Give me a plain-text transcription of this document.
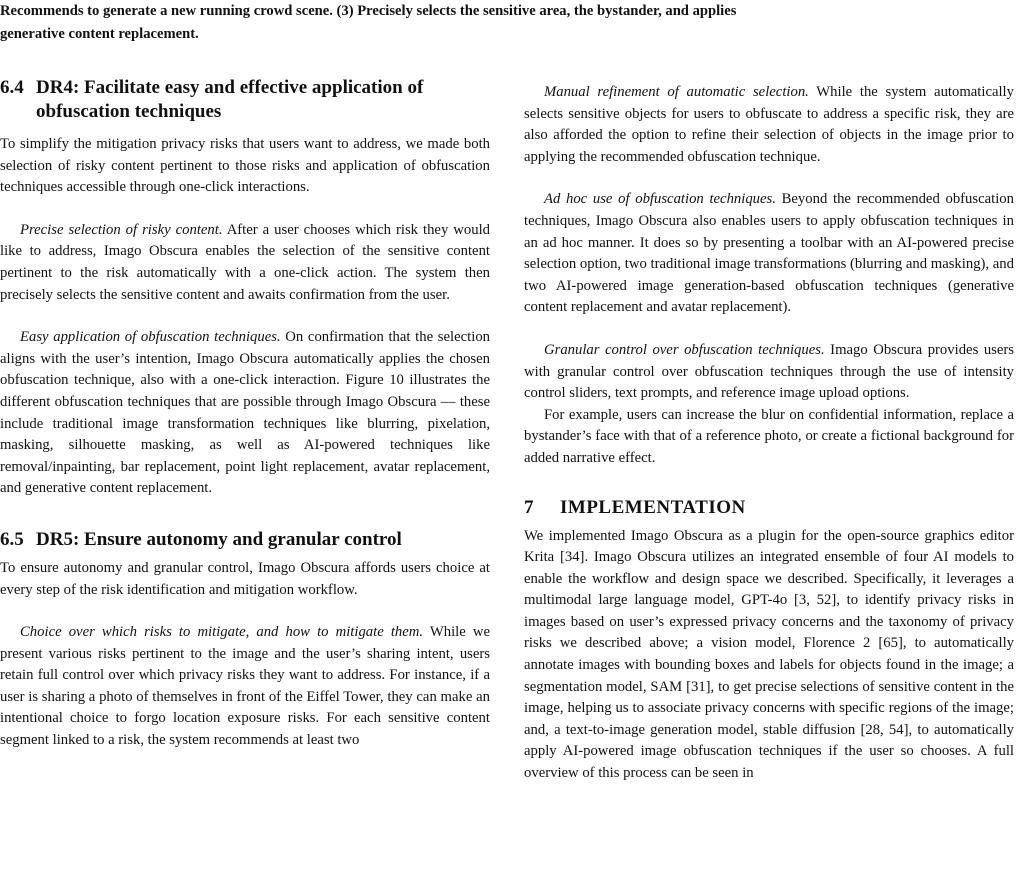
Recommends to generate a new running crowd scene. (3) Precisely selects the sensitive area, the bystander, and applies
generative content replacement.
6.4 DR4: Facilitate easy and effective application of obfuscation techniques

To simplify the mitigation privacy risks that users want to address, we made both selection of risky content pertinent to those risks and application of obfuscation techniques accessible through one-click interactions.

Precise selection of risky content. After a user chooses which risk they would like to address, Imago Obscura enables the selection of the sensitive content pertinent to the risk automatically with a one-click action. The system then precisely selects the sensitive content and awaits confirmation from the user.

Easy application of obfuscation techniques. On confirmation that the selection aligns with the user’s intention, Imago Obscura automatically applies the chosen obfuscation technique, also with a one-click interaction. Figure 10 illustrates the different obfuscation techniques that are possible through Imago Obscura — these include traditional image transformation techniques like blurring, pixelation, masking, silhouette masking, as well as AI-powered techniques like removal/inpainting, bar replacement, point light replacement, avatar replacement, and generative content replacement.

6.5 DR5: Ensure autonomy and granular control

To ensure autonomy and granular control, Imago Obscura affords users choice at every step of the risk identification and mitigation workflow.

Choice over which risks to mitigate, and how to mitigate them. While we present various risks pertinent to the image and the user’s sharing intent, users retain full control over which privacy risks they want to address. For instance, if a user is sharing a photo of themselves in front of the Eiffel Tower, they can make an intentional choice to forgo location exposure risks. For each sensitive content segment linked to a risk, the system recommends at least two

Manual refinement of automatic selection. While the system automatically selects sensitive objects for users to obfuscate to address a specific risk, they are also afforded the option to refine their selection of objects in the image prior to applying the recommended obfuscation technique.

Ad hoc use of obfuscation techniques. Beyond the recommended obfuscation techniques, Imago Obscura also enables users to apply obfuscation techniques in an ad hoc manner. It does so by presenting a toolbar with an AI-powered precise selection option, two traditional image transformations (blurring and masking), and two AI-powered image generation-based obfuscation techniques (generative content replacement and avatar replacement).

Granular control over obfuscation techniques. Imago Obscura provides users with granular control over obfuscation techniques through the use of intensity control sliders, text prompts, and reference image upload options.

For example, users can increase the blur on confidential information, replace a bystander’s face with that of a reference photo, or create a fictional background for added narrative effect.

7	IMPLEMENTATION

We implemented Imago Obscura as a plugin for the open-source graphics editor Krita [34]. Imago Obscura utilizes an integrated ensemble of four AI models to enable the workflow and design space we described. Specifically, it leverages a multimodal large language model, GPT-4o [3, 52], to identify privacy risks in images based on user’s expressed privacy concerns and the taxonomy of privacy risks we described above; a vision model, Florence 2 [65], to automatically annotate images with bounding boxes and labels for objects found in the image; a segmentation model, SAM [31], to get precise selections of sensitive content in the image, helping us to associate privacy concerns with specific regions of the image; and, a text-to-image generation model, stable diffusion [28, 54], to automatically apply AI-powered image obfuscation techniques if the user so chooses. A full overview of this process can be seen in
